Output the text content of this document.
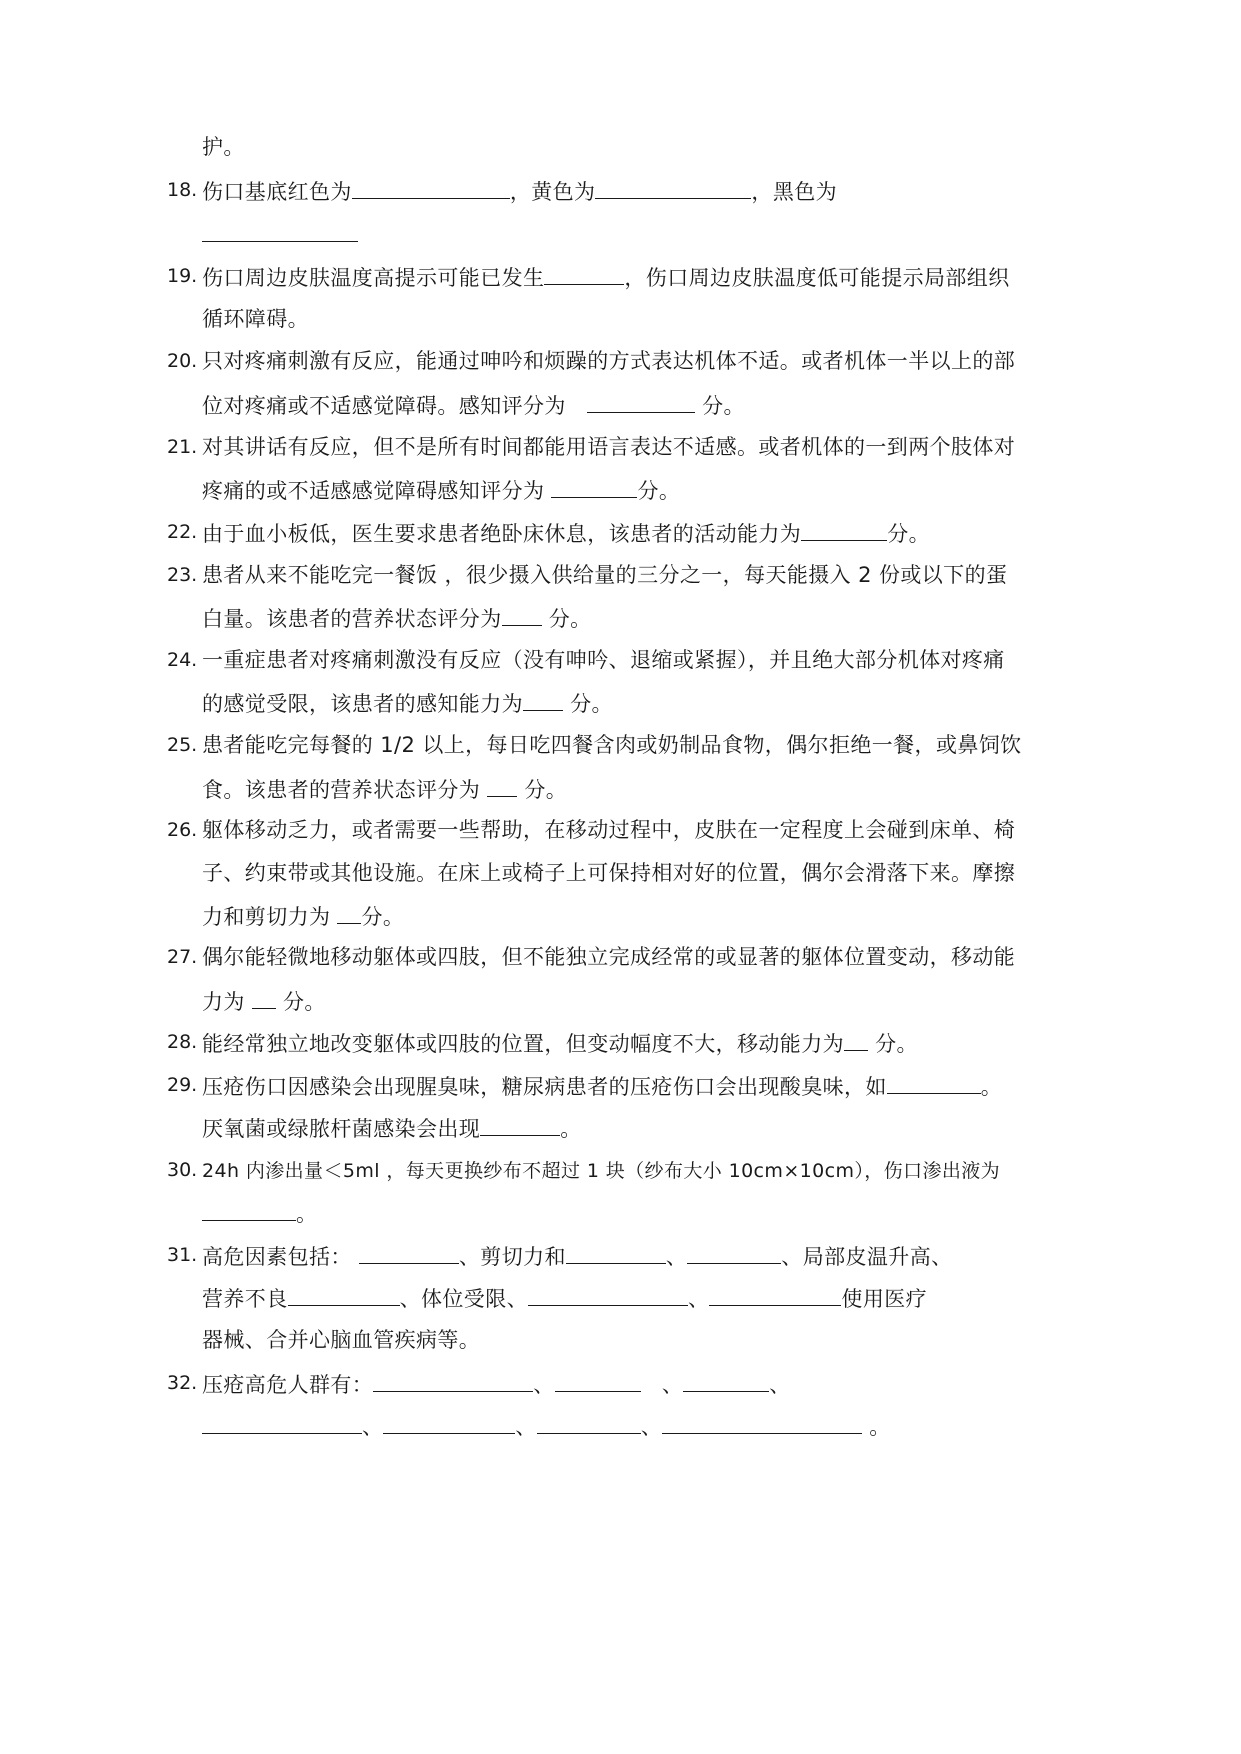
护。
18. 伤口基底红色为	，黄色为	，黑色为
19. 伤口周边皮肤温度高提示可能已发生	，伤口周边皮肤温度低可能提示局部组织
循环障碍。
20. 只对疼痛刺激有反应，能通过呻吟和烦躁的方式表达机体不适。或者机体一半以上的部
位对疼痛或不适感觉障碍。感知评分为	分。
21. 对其讲话有反应，但不是所有时间都能用语言表达不适感。或者机体的一到两个肢体对
疼痛的或不适感感觉障碍感知评分为	分。
22. 由于血小板低，医生要求患者绝卧床休息，该患者的活动能力为	分。
23. 患者从来不能吃完一餐饭 ，很少摄入供给量的三分之一，每天能摄入 2 份或以下的蛋
白量。该患者的营养状态评分为 分。
24. 一重症患者对疼痛刺激没有反应（没有呻吟、退缩或紧握），并且绝大部分机体对疼痛
的感觉受限，该患者的感知能力为 分。
25. 患者能吃完每餐的 1/2 以上，每日吃四餐含肉或奶制品食物，偶尔拒绝一餐，或鼻饲饮
食。该患者的营养状态评分为 分。
26. 躯体移动乏力，或者需要一些帮助，在移动过程中，皮肤在一定程度上会碰到床单、椅
子、约束带或其他设施。在床上或椅子上可保持相对好的位置，偶尔会滑落下来。摩擦
力和剪切力为 分。
27. 偶尔能轻微地移动躯体或四肢，但不能独立完成经常的或显著的躯体位置变动，移动能
力为 分。
28. 能经常独立地改变躯体或四肢的位置，但变动幅度不大，移动能力为 分。
29. 压疮伤口因感染会出现腥臭味，糖尿病患者的压疮伤口会出现酸臭味，如	。
厌氧菌或绿脓杆菌感染会出现	。
30. 24h 内渗出量＜5ml ，每天更换纱布不超过 1 块（纱布大小 10cm×10cm），伤口渗出液为
。
31. 高危因素包括：	、剪切力和	、	、局部皮温升高、
营养不良	、体位受限、	、	使用医疗
器械、合并心脑血管疾病等。
32. 压疮高危人群有：	、	、	、
、	、	、	。
